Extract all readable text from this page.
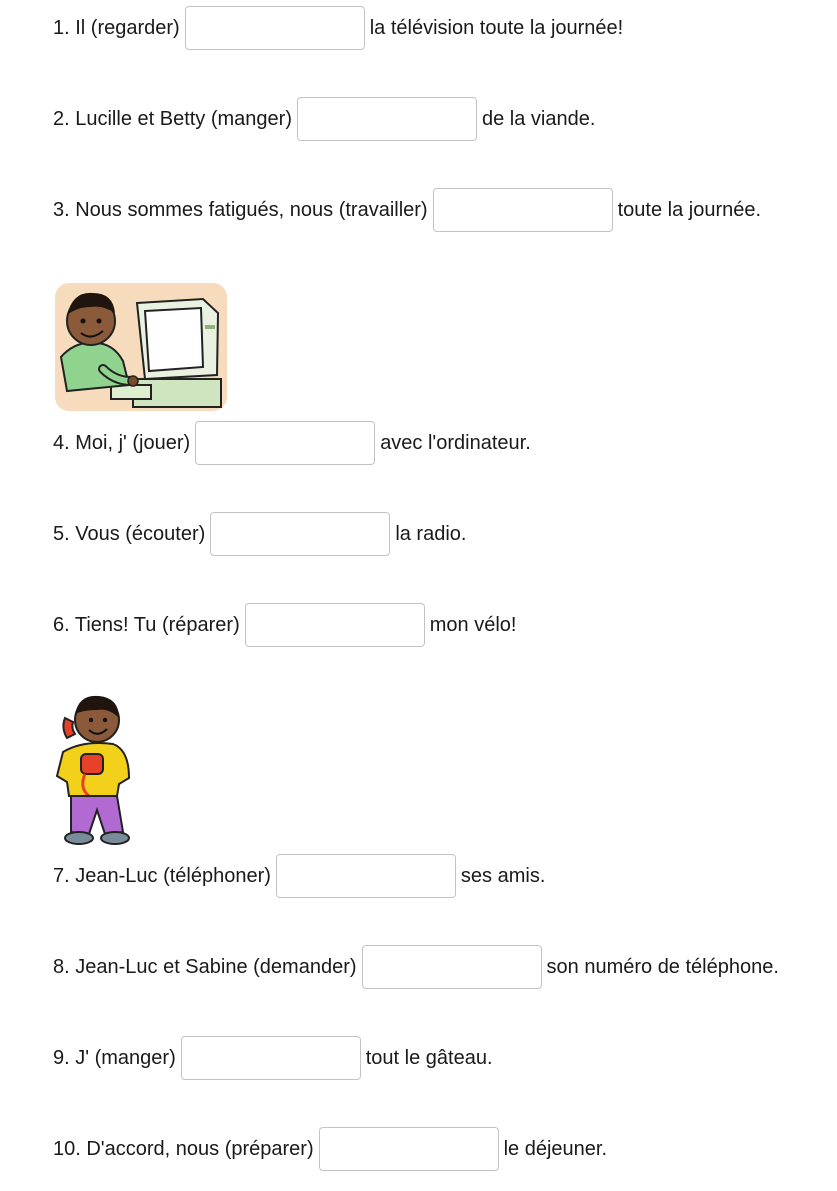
1. Il (regarder)	la télévision toute la journée!
2. Lucille et Betty (manger)	de la viande.
3. Nous sommes fatigués, nous (travailler)	toute la journée.
4. Moi, j' (jouer)	avec l'ordinateur.
5. Vous (écouter)	la radio.
6. Tiens! Tu (réparer)	mon vélo!
7. Jean-Luc (téléphoner)	ses amis.
8. Jean-Luc et Sabine (demander)	son numéro de téléphone.
9. J' (manger)	tout le gâteau.
10. D'accord, nous (préparer)	le déjeuner.
